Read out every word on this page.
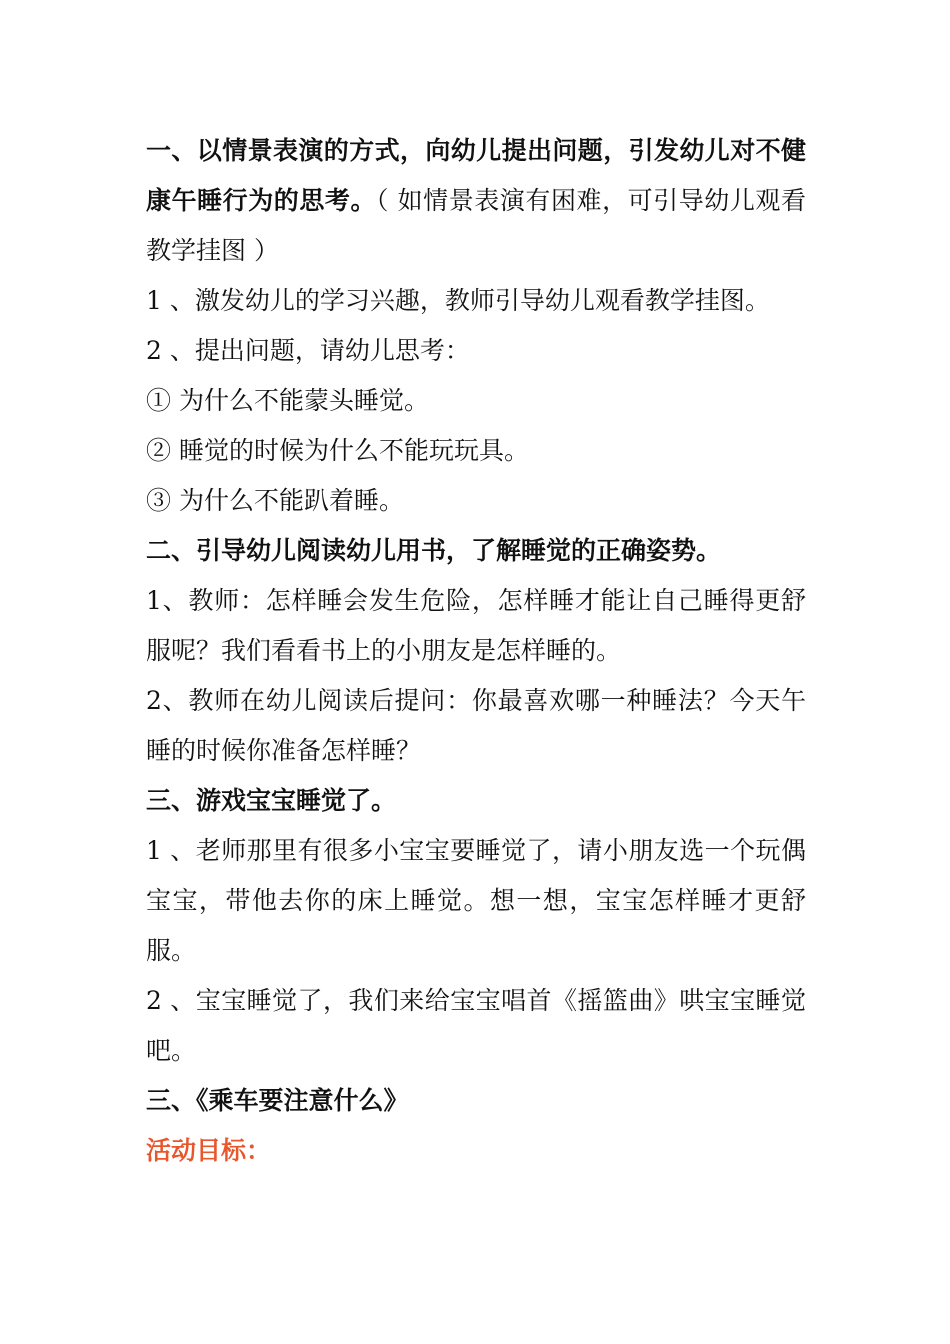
一、以情景表演的方式，向幼儿提出问题，引发幼儿对不健康午睡行为的思考。（ 如情景表演有困难，可引导幼儿观看教学挂图 ）

1 、激发幼儿的学习兴趣，教师引导幼儿观看教学挂图。

2 、提出问题，请幼儿思考：

① 为什么不能蒙头睡觉。

② 睡觉的时候为什么不能玩玩具。

③ 为什么不能趴着睡。

二、引导幼儿阅读幼儿用书，了解睡觉的正确姿势。

1、教师：怎样睡会发生危险，怎样睡才能让自己睡得更舒服呢？我们看看书上的小朋友是怎样睡的。

2、教师在幼儿阅读后提问：你最喜欢哪一种睡法？今天午睡的时候你准备怎样睡？

三、游戏宝宝睡觉了。

1 、老师那里有很多小宝宝要睡觉了，请小朋友选一个玩偶宝宝，带他去你的床上睡觉。想一想，宝宝怎样睡才更舒服。

2 、宝宝睡觉了，我们来给宝宝唱首《摇篮曲》哄宝宝睡觉吧。

三、《乘车要注意什么》

活动目标：
